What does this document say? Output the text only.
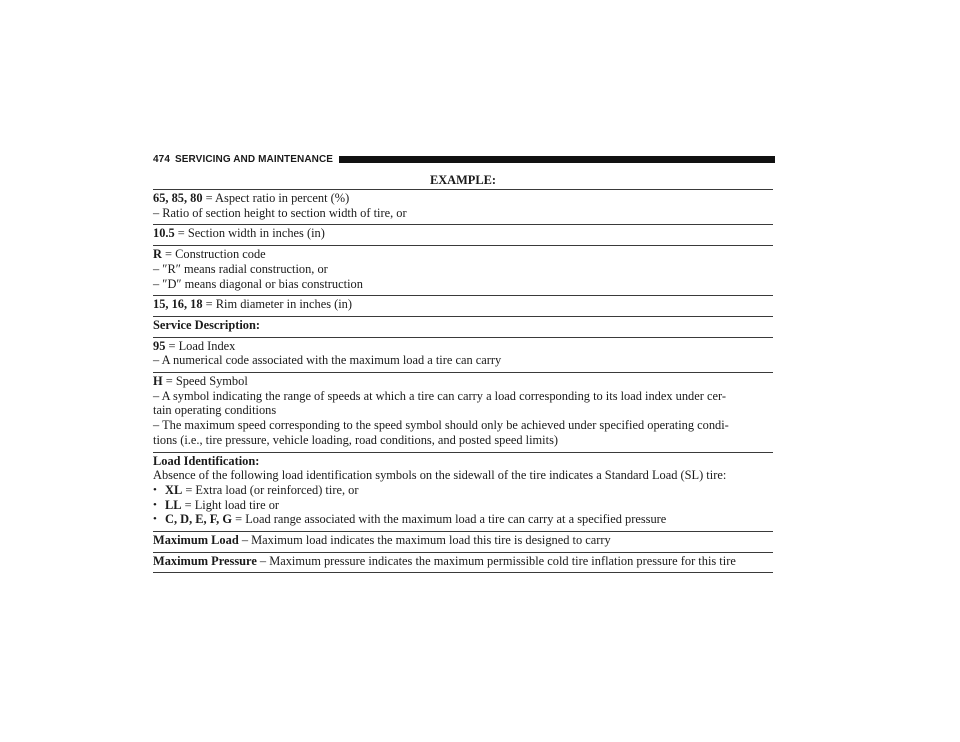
474 SERVICING AND MAINTENANCE
EXAMPLE:
65, 85, 80 = Aspect ratio in percent (%)
– Ratio of section height to section width of tire, or
10.5 = Section width in inches (in)
R = Construction code
– ″R″ means radial construction, or
– ″D″ means diagonal or bias construction
15, 16, 18 = Rim diameter in inches (in)
Service Description:
95 = Load Index
– A numerical code associated with the maximum load a tire can carry
H = Speed Symbol
– A symbol indicating the range of speeds at which a tire can carry a load corresponding to its load index under cer-
tain operating conditions
– The maximum speed corresponding to the speed symbol should only be achieved under specified operating condi-
tions (i.e., tire pressure, vehicle loading, road conditions, and posted speed limits)
Load Identification:
Absence of the following load identification symbols on the sidewall of the tire indicates a Standard Load (SL) tire:
• XL = Extra load (or reinforced) tire, or
• LL = Light load tire or
• C, D, E, F, G = Load range associated with the maximum load a tire can carry at a specified pressure
Maximum Load – Maximum load indicates the maximum load this tire is designed to carry
Maximum Pressure – Maximum pressure indicates the maximum permissible cold tire inflation pressure for this tire
